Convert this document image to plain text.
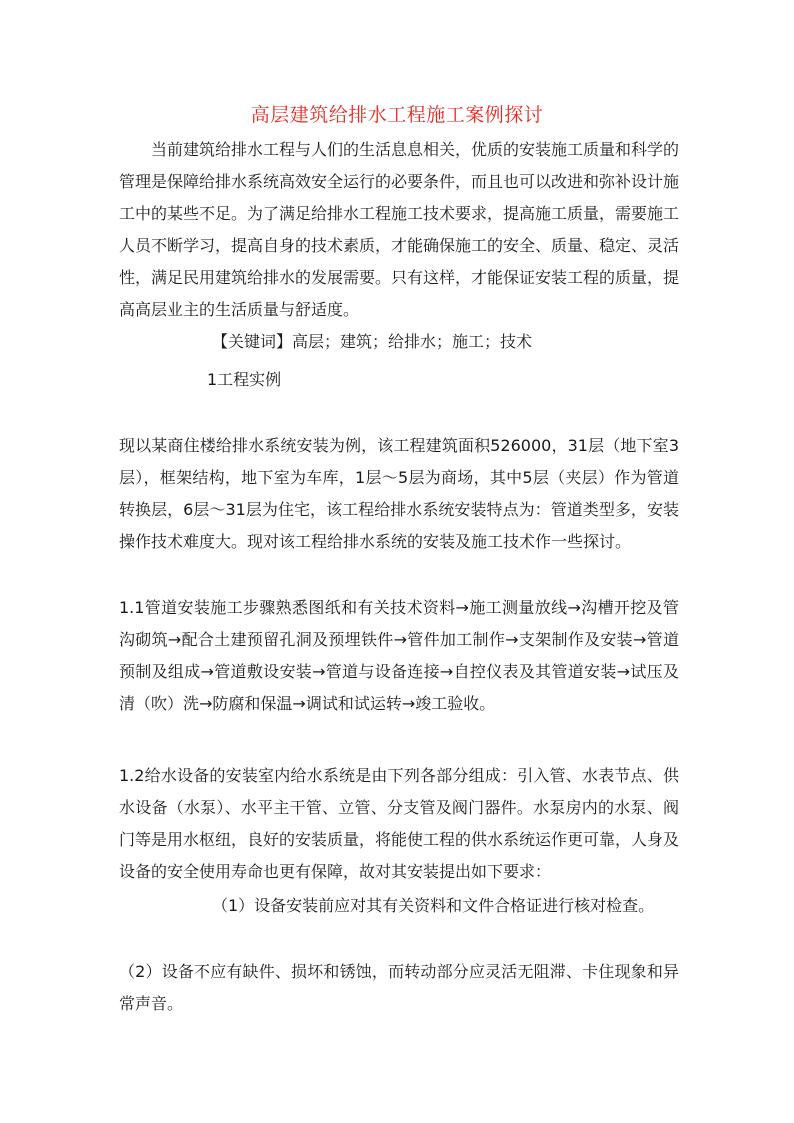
高层建筑给排水工程施工案例探讨

当前建筑给排水工程与人们的生活息息相关，优质的安装施工质量和科学的管理是保障给排水系统高效安全运行的必要条件，而且也可以改进和弥补设计施工中的某些不足。为了满足给排水工程施工技术要求，提高施工质量，需要施工人员不断学习，提高自身的技术素质，才能确保施工的安全、质量、稳定、灵活性，满足民用建筑给排水的发展需要。只有这样，才能保证安装工程的质量，提高高层业主的生活质量与舒适度。

【关键词】高层；建筑；给排水；施工；技术

1工程实例

现以某商住楼给排水系统安装为例，该工程建筑面积526000，31层（地下室3层），框架结构，地下室为车库，1层～5层为商场，其中5层（夹层）作为管道转换层，6层～31层为住宅，该工程给排水系统安装特点为：管道类型多，安装操作技术难度大。现对该工程给排水系统的安装及施工技术作一些探讨。

1.1管道安装施工步骤熟悉图纸和有关技术资料→施工测量放线→沟槽开挖及管沟砌筑→配合土建预留孔洞及预埋铁件→管件加工制作→支架制作及安装→管道预制及组成→管道敷设安装→管道与设备连接→自控仪表及其管道安装→试压及清（吹）洗→防腐和保温→调试和试运转→竣工验收。

1.2给水设备的安装室内给水系统是由下列各部分组成：引入管、水表节点、供水设备（水泵）、水平主干管、立管、分支管及阀门器件。水泵房内的水泵、阀门等是用水枢纽，良好的安装质量，将能使工程的供水系统运作更可靠，人身及设备的安全使用寿命也更有保障，故对其安装提出如下要求：

（1）设备安装前应对其有关资料和文件合格证进行核对检查。

（2）设备不应有缺件、损坏和锈蚀，而转动部分应灵活无阻滞、卡住现象和异常声音。
